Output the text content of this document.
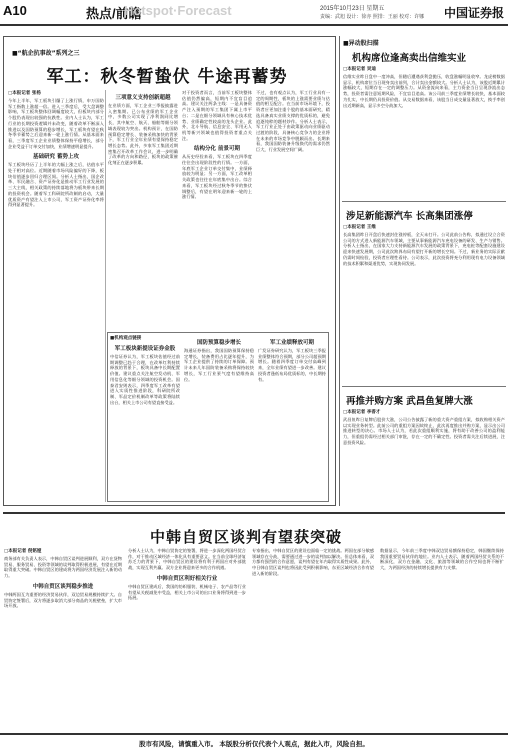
A10	热点/前瞻
Hotspot·Forecast	2015年10月23日 星期五
责编：武旭 设计：徐亦 照排：王丽 校对：许娜 中国证券报
■“航企抗事故”系列之三
军工：秋冬暂蛰伏 牛途再蓄势
□本报记者 张杨
今年上半年，军工板块引爆了上涨行情，申万国防军工指数上涨超一倍。进入三季度后，受大盘调整影响，军工板块整体回调幅度较大，但板块内部分个股仍表现出较强的抗跌性。业内人士认为，军工行业的长期投资逻辑并未改变，随着改革不断深入推进以及国防预算的稳步增长，军工板块有望在秋冬季节蓄势之后迎来新一轮上涨行情。从基本面来看，三季度军工企业业绩整体保持平稳增长，部分企业受益于订单交付加快，业绩增速明显提升。
基础研究 蓄势上攻
军工板块经历了上半年的大幅上涨之后，估值水平处于相对高位。近期随着市场风险偏好的下降，板块估值逐步回归合理区间。分析人士指出，国企改革、军民融合、资产证券化是推动军工行业发展的三大主线，相关政策的持续落地将为板块带来长期的投资机会。随着军工科研院所改制的启动，大量优质资产有望注入上市公司，军工资产证券化率将得到显著提升。
三项意义支持创新超越
在业绩方面，军工企业三季报披露进入密集期。已公布业绩的军工企业中，多数公司实现了净利润同比增长，其中航空、航天、船舶等细分领域表现较为突出。机构预计，在国防预算稳定增长、装备采购加快的背景下，军工行业全年业绩有望保持稳定增长态势。此外，多家军工集团近期密集召开改革工作会议，进一步明确了改革的方向和路径，板块的政策催化剂正在逐步积累。
对于投资者而言，当前军工板块整体估值仍然偏高，短期内不宜盲目追高。建议关注两条主线：一是具备资产注入预期的军工集团下属上市平台；二是在细分领域具有核心技术优势、业绩确定性较高的龙头企业。此外，北斗导航、信息安全、军用无人机等新兴领域也值得投资者重点关注。
结构分化 前景可期
从历史经验来看，军工板块在四季度往往会出现阶段性的行情。一方面，年底军工企业订单交付集中，业绩释放较为明显；另一方面，军工改革相关政策也往往在年底集中出台。综合来看，军工板块经过秋冬季节的蛰伏调整后，有望在明年迎来新一轮的上涨行情。
不过，也有观点认为，军工行业具有一定的周期性，板块的上涨需要业绩与估值的相互配合。在当前市场环境下，投资者应更加注重个股的基本面研究，精选具备真实业绩支撑的优质标的，避免追逐纯粹的题材炒作。分析人士表示，军工行业正处于由政策驱动向业绩驱动过渡的阶段，具备核心竞争力的企业将在未来的市场竞争中脱颖而出。长期来看，我国国防装备升级换代的需求仍然巨大，行业发展空间广阔。
■机构观点链接
军工板块新提设证券金股
中信证券认为，军工板块估值经过前期调整已趋于合理，在改革红利持续释放的背景下，板块具备中长期配置价值。建议重点关注航空发动机、军用信息化等细分领域的投资机会。国泰君安则表示，四季度军工改革有望进入实质性推进阶段，科研院所改制、军品定价机制改革等政策将陆续出台，相关上市公司有望直接受益。
国防预算稳步增长
海通证券指出，我国国防预算保持稳定增长，装备费用占比逐年提升，为军工企业提供了持续的订单保障。预计未来几年国防装备采购将保持较快增长，军工行业景气度有望维持高位。
军工业绩释放可期
广发证券研究认为，军工板块三季报业绩整体符合预期，部分公司超预期增长。随着四季度订单交付高峰到来，全年业绩有望进一步改善。建议投资者逢低布局优质标的，中长期持有。
■异动股扫描
机构席位逢高卖出信维实业
□本报记者 吴迪
信维实业昨日盘中一度冲高，但随后遭遇获利盘抛压，收盘涨幅明显收窄。龙虎榜数据显示，机构席位当日现身卖出前列，合计卖出金额较大。分析人士认为，该股近期累计涨幅较大，短期存在一定的调整压力。从资金流向来看，主力资金当日呈现净流出态势，投资者需注意短期风险，不宜盲目追高。该公司前三季度业绩增长较快，基本面较为扎实，中长期仍具投资价值。从交易数据来看，该股当日成交量显著放大，换手率创出近期新高，显示多空分歧加大。
涉足新能源汽车 长高集团涨停
□本报记者 王维
长高集团昨日开盘后快速封住涨停板，全天未打开。公司此前公告称，拟通过设立合资公司的方式进入新能源汽车领域，主要从事新能源汽车充电设备的研发、生产与销售。分析人士指出，在国家大力支持新能源汽车发展的政策背景下，充电桩等配套设施建设迎来快速发展期，公司此次跨界布局有望打开新的增长空间。不过，新业务的实际贡献仍需时间检验，投资者应理性看待。公司表示，此次投资将充分利用现有电力设备领域的技术积累和渠道优势，实现协同发展。
再推并购方案 武昌鱼复牌大涨
□本报记者 李香才
武昌鱼昨日复牌后股价大涨，公司公告披露了新的重大资产重组方案，拟收购相关资产以实现业务转型。此前公司的重组方案因故终止，此次再度推出并购方案，显示出公司推进转型的决心。市场人士认为，若此次重组顺利实施，将有助于改善公司的盈利能力，但重组仍需经过相关部门审批，存在一定的不确定性。投资者需关注后续进展，注意投资风险。
中韩自贸区谈判有望获突破
□本报记者 倪铭娅
商务部有关负责人表示，中韩自贸区谈判进展顺利，双方在货物贸易、服务贸易、投资等领域的谈判取得积极进展，有望在近期取得重大突破。中韩自贸区的建成将为两国经济发展注入新的动力。
中韩自贸区谈判稳步推进
中韩两国互为重要的经济贸易伙伴，双边贸易规模持续扩大。自贸协定签署后，双方将逐步取消大部分商品的关税壁垒，扩大市场开放。
分析人士认为，中韩自贸协定的签署，将进一步深化两国经贸合作，对于推动区域经济一体化具有重要意义。在当前全球经济复苏乏力的背景下，中韩自贸区的建设将有利于两国应对外部挑战，实现互利共赢。双方企业将迎来更多的合作机遇。
中韩自贸区利好相关行业
中韩自贸区建成后，我国的纺织服装、机械电子、农产品等行业有望从关税减免中受益，相关上市公司的出口业务将得到进一步拓展。
专家指出，中韩自贸区的建设也面临一定的挑战。两国在部分敏感领域存在分歧，需要通过进一步的谈判加以解决。但总体来看，双方都有强烈的合作意愿，谈判有望在年内取得实质性成果。此外，中日韩自贸区谈判也将因此受到积极影响，东亚区域经济合作有望进入新的阶段。
数据显示，今年前三季度中韩双边贸易额保持稳定，韩国继续保持我国重要贸易伙伴的地位。业内人士表示，随着两国经贸关系的不断深化，双方在金融、文化、旅游等领域的合作空间也将不断扩大，为两国经济的持续增长提供有力支撑。
股市有风险，请慎重入市。 本版股分析仅代表个人观点，据此入市，风险自担。
